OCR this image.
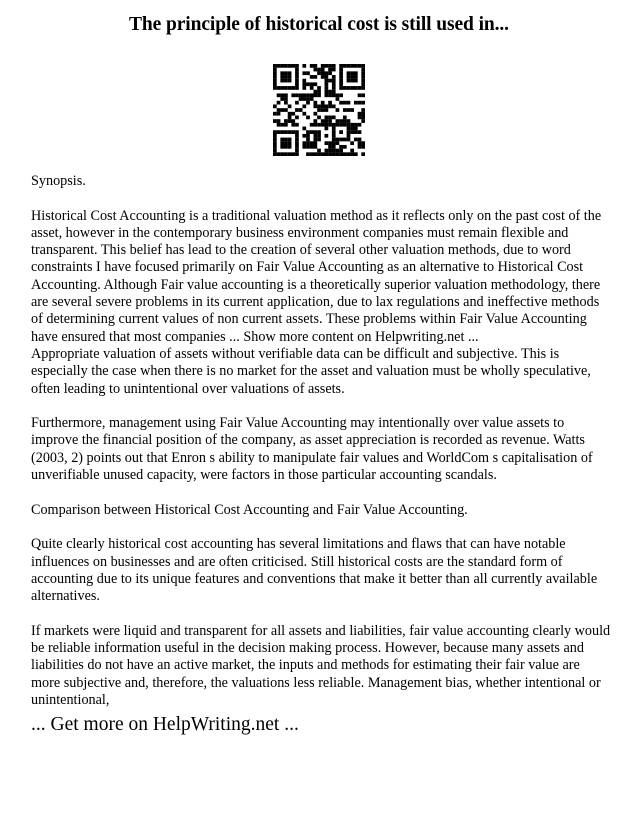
The principle of historical cost is still used in...

Synopsis.

Historical Cost Accounting is a traditional valuation method as it reflects only on the past cost of the asset, however in the contemporary business environment companies must remain flexible and transparent. This belief has lead to the creation of several other valuation methods, due to word constraints I have focused primarily on Fair Value Accounting as an alternative to Historical Cost Accounting. Although Fair value accounting is a theoretically superior valuation methodology, there are several severe problems in its current application, due to lax regulations and ineffective methods of determining current values of non current assets. These problems within Fair Value Accounting have ensured that most companies ... Show more content on Helpwriting.net ...

Appropriate valuation of assets without verifiable data can be difficult and subjective. This is especially the case when there is no market for the asset and valuation must be wholly speculative, often leading to unintentional over valuations of assets.

Furthermore, management using Fair Value Accounting may intentionally over value assets to improve the financial position of the company, as asset appreciation is recorded as revenue. Watts (2003, 2) points out that Enron s ability to manipulate fair values and WorldCom s capitalisation of unverifiable unused capacity, were factors in those particular accounting scandals.

Comparison between Historical Cost Accounting and Fair Value Accounting.

Quite clearly historical cost accounting has several limitations and flaws that can have notable influences on businesses and are often criticised. Still historical costs are the standard form of accounting due to its unique features and conventions that make it better than all currently available alternatives.

If markets were liquid and transparent for all assets and liabilities, fair value accounting clearly would be reliable information useful in the decision making process. However, because many assets and liabilities do not have an active market, the inputs and methods for estimating their fair value are more subjective and, therefore, the valuations less reliable. Management bias, whether intentional or unintentional,

... Get more on HelpWriting.net ...
